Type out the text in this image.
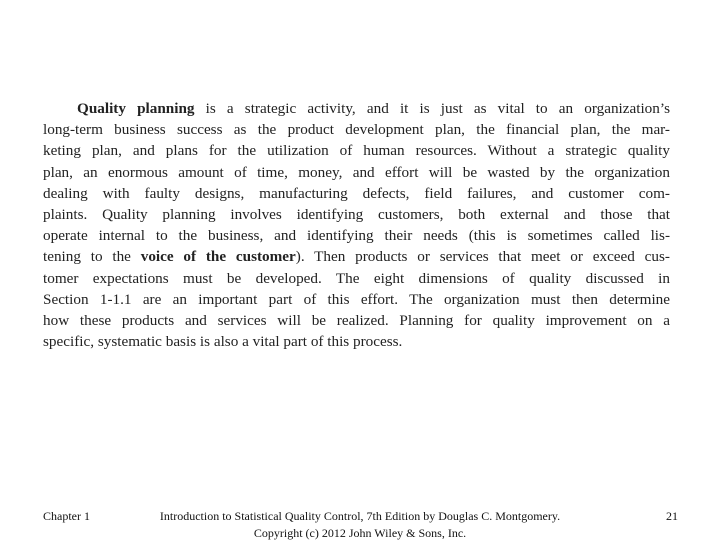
Quality planning is a strategic activity, and it is just as vital to an organization’s
long-term business success as the product development plan, the financial plan, the mar-
keting plan, and plans for the utilization of human resources. Without a strategic quality
plan, an enormous amount of time, money, and effort will be wasted by the organization
dealing with faulty designs, manufacturing defects, field failures, and customer com-
plaints. Quality planning involves identifying customers, both external and those that
operate internal to the business, and identifying their needs (this is sometimes called lis-
tening to the voice of the customer). Then products or services that meet or exceed cus-
tomer expectations must be developed. The eight dimensions of quality discussed in
Section 1-1.1 are an important part of this effort. The organization must then determine
how these products and services will be realized. Planning for quality improvement on a
specific, systematic basis is also a vital part of this process.
Chapter 1	Introduction to Statistical Quality Control, 7th Edition by Douglas C. Montgomery.
Copyright (c) 2012 John Wiley & Sons, Inc.
21
